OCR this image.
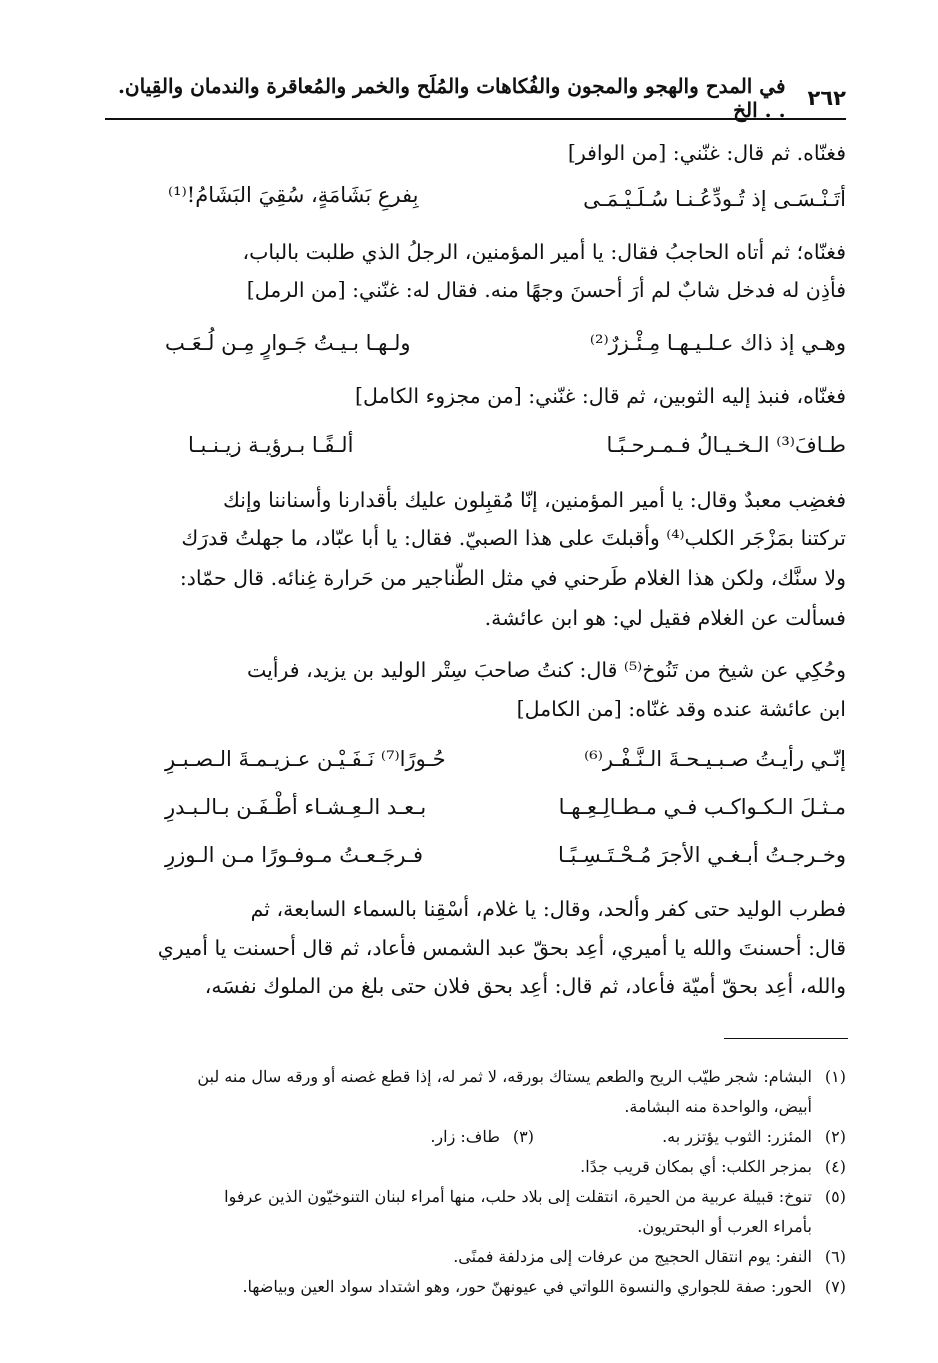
٢٦٢
في المدح والهجو والمجون والفُكاهات والمُلَح والخمر والمُعاقرة والندمان والقِيان. . . الخ
فغنّاه. ثم قال: غنّني: [من الوافر]
أتَـنْـسَـى إذ تُـودِّعُـنـا سُـلَـيْـمَـى
بِفرعِ بَشَامَةٍ، سُقِيَ البَشَامُ!⁽¹⁾
فغنّاه؛ ثم أتاه الحاجبُ فقال: يا أمير المؤمنين، الرجلُ الذي طلبت بالباب،
فأذِن له فدخل شابٌ لم أرَ أحسنَ وجهًا منه. فقال له: غنّني: [من الرمل]
وهـي إذ ذاك عـلـيـهـا مِـئْـزرٌ⁽²⁾
ولـهـا بـيـتُ جَـوارٍ مِـن لُـعَـب
فغنّاه، فنبذ إليه الثوبين، ثم قال: غنّني: [من مجزوء الكامل]
طـافَ⁽³⁾ الـخـيـالُ فـمـرحـبًـا
ألـفًـا بـرؤيـة زيـنـبـا
فغضِب معبدٌ وقال: يا أمير المؤمنين، إنّا مُقبِلون عليك بأقدارنا وأسناننا وإنك
تركتنا بمَزْجَر الكلب⁽⁴⁾ وأقبلتَ على هذا الصبيّ. فقال: يا أبا عبّاد، ما جهلتُ قدرَك
ولا سنَّك، ولكن هذا الغلام طَرحني في مثل الطَّناجير من حَرارة غِنائه. قال حمّاد:
فسألت عن الغلام فقيل لي: هو ابن عائشة.
وحُكِي عن شيخ من تَنُوخ⁽⁵⁾ قال: كنتُ صاحبَ سِتْر الوليد بن يزيد، فرأيت
ابن عائشة عنده وقد غنّاه: [من الكامل]
إنّـي رأيـتُ صـبـيـحـةَ الـنَّـفْـر⁽⁶⁾
حُـورًا⁽⁷⁾ نَـفَـيْـن عـزيـمـةَ الـصـبـرِ
مـثـلَ الـكـواكـب فـي مـطـالِـعِـهـا
بـعـد الـعِـشـاء أطْـفَـن بـالـبـدرِ
وخـرجـتُ أبـغـي الأجرَ مُـحْـتَـسِـبًـا
فـرجَـعـتُ مـوفـورًا مـن الـوزرِ
فطرب الوليد حتى كفر وألحد، وقال: يا غلام، أسْقِنا بالسماء السابعة، ثم
قال: أحسنتَ والله يا أميري، أعِد بحقّ عبد الشمس فأعاد، ثم قال أحسنت يا أميري
والله، أعِد بحقّ أميّة فأعاد، ثم قال: أعِد بحق فلان حتى بلغ من الملوك نفسَه،
(١)البشام: شجر طيّب الريح والطعم يستاك بورقه، لا ثمر له، إذا قطع غصنه أو ورقه سال منه لبن
أبيض، والواحدة منه البشامة.
(٢)المئزر: الثوب يؤتزر به.(٣)طاف: زار.
(٤)بمزجر الكلب: أي بمكان قريب جدًا.
(٥)تنوخ: قبيلة عربية من الحيرة، انتقلت إلى بلاد حلب، منها أمراء لبنان التنوخيّون الذين عرفوا
بأمراء العرب أو البحتريون.
(٦)النفر: يوم انتقال الحجيج من عرفات إلى مزدلفة فمنًى.
(٧)الحور: صفة للجواري والنسوة اللواتي في عيونهنّ حور، وهو اشتداد سواد العين وبياضها.
